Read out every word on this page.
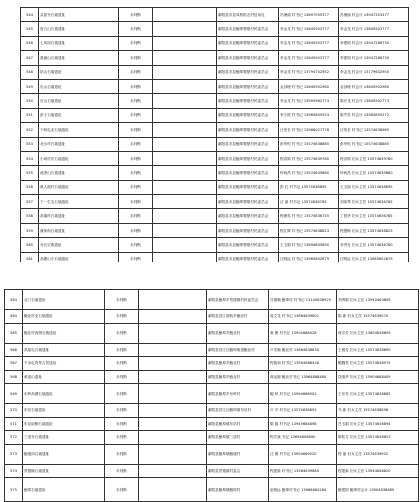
544	双屋寺石墙遗址	未判断		鄱阳县市县凤桥院农村信用社	冯暑丽 村书记 13697955377	冯暑丽 村会计 13947353377
545	管五山石墙遗址	未判断		鄱阳县市县鲍埠蜀壁村民委员会	李金龙 村书记 13645903777	李金龙 村会计 13645903777
546	七凤岗石墙遗址	未判断		鄱阳县市县鲍埠蜀壁村民委员会	李金龙 村书记 13645903777	李建明 村会计 13947286730
547	燕浦山石墙遗址	未判断		鄱阳县市县鲍埠蜀壁村民委员会	李金龙 村书记 13645903777	李建明 村会计 13947286730
548	姑山石墙遗址	未判断		鄱阳县市县鲍埠蜀壁村民委员会	李金龙 村书记 13794702952	李金龙 村会计 13779602950
549	出山石墙遗址	未判断		鄱阳县市县鲍埠蜀壁村民委员会	金剑理 村书记 13645902980	金剑理 村会计 13645902980
550	后山石墙遗址	未判断		鄱阳县市县鲍埠蜀壁村民委员会	李金龙 村书记 13905962773	陈开龙 村会计 13645902773
551	彭士石墙遗址	未判断		鄱阳县市县鲍埠蜀壁村民委员会	李少波 村书记 13965805553	陈亨英 村会计 13965805272
552	下岐屯北石墙遗址	未判断		鄱阳县市县鲍埠蜀壁村民委员会	汪伯长 村书记 13968027778	汪伯长 村书记 13574636985
553	北水村石墙遗址	未判断		鄱阳县市县鲍埠蜀壁村民委员会	彭华恒 村书记 15574638885	彭华恒 村书记 15574638885
554	小坝村东石墙遗址	未判断		鄱阳县市县鲍埠蜀壁村民委员会	程洪源 村书记 15574639780	程洪源 妇女主任 15574639780
555	翁垄山石墙遗址	未判断		鄱阳县市县鲍埠蜀壁村民委员会	钟尚昌 村书记 13574639880	钟尚昌 妇女主任 15574639880
556	黄人源村石墙遗址	未判断		鄱阳县市县鲍埠蜀壁村民委员会	彭 红 村书记 13574638895	王玉丽 妇女主任 13574638895
557	下一生屯石墙遗址	未判断		鄱阳县市县鲍埠蜀壁村民委员会	汪 丽 村书记 13574636785	刘凤琴 妇女主任 15574636785
558	高塌村石墙遗址	未判断		鄱阳县市县鲍埠蜀壁村民委员会	程理英 村书记 13574636755	丁曾华 妇女主任 15574636785
559	蒲家尚石墙遗址	未判断		鄱阳县市县鲍埠蜀壁村民委员会	程江辉 村书记 15574638823	程慧梅 妇女主任 13574638823
560	乔氏宗族遗址	未判断		鄱阳县市县鲍埠蜀壁村民委员会	王玉娟 村书记 13694805890	李秀芳 妇女主任 13574636780
561	高塘山小石墙遗址	未判断		鄱阳县市县鲍埠蜀壁村民委员会	汪明远 村书记 13965802879	汪明远 妇女主任 13965802879

563	北门石墙遗址	未判断		鄱阳县鲍埠乡景德镇村民委员会	吕德顺 鲍埠村 村书记 13145838929	刘秀娟 妇女主任 13940463809
564	鲍北村北石墙遗址	未判断		鄱阳县昌江浙航乡鲍北村	周文龙 村书记 13664639801	陈 新 妇女主任 15574639070
565	鲍北村西侧石墙遗址	未判断		鄱阳县鲍埠乡鲍北村	黄 俊 村书记 13904688428	蒋宗芳 妇女主任 13694638809
566	高屋屯石墙遗址	未判断		鄱阳县昌江区鲍埠街道鲍北村	卢安顺 鲍北村 13664638830	王雅芳 妇女主任 15574638890
567	千余屯背景占居遗址	未判断		鄱阳县鲍埠乡鲍北村	程艳和 村书记 13904688428	鲍魏君 妇女主任 15574638975
568	黄泥山遗址	未判断		鄱阳县鲍埠乡鲍北村	蒋运刚 鲍北村书记 13964888480	饶瑞华 妇女主任 15904688409
569	东岭高塘石墙遗址	未判断		鄱阳县鲍埠乡东岭村	鲍 秋 村书记 15994668902	王东亮 妇女主任 13574636885
570	东站石墙遗址	未判断		鄱阳县昌江区鲍埠镇东站村	卢 平 村书记 13574636855	马 新 妇女主任 15574638898
571	东站南侧石墙遗址	未判断		鄱阳县鲍埠镇东站村	陈 磊 村书记 13945684898	吕玉娟 妇女主任 13574636894
572	三清寺石墙遗址	未判断		鄱阳县鲍埠镇三清村	程宏斌 书记 13694806890	陈桂芬 妇女主任 13574638823
573	鲍墟岗石墙遗址	未判断		鄱阳县鲍埠镇鲍墟村	汪 刚 村书记 13904669020	程 丽 妇女主任 13574639902
574	景德镇石墙遗址	未判断		鄱阳县景德镇村委会	程建新 村书记 13584639885	程建新 妇女主任 13944648820
575	鲍埠石墙遗址	未判断		鄱阳县鲍埠镇鲍埠村	赵明远 鲍埠村书记 13966684284	鲍建国 鲍埠村会计 13904636485
